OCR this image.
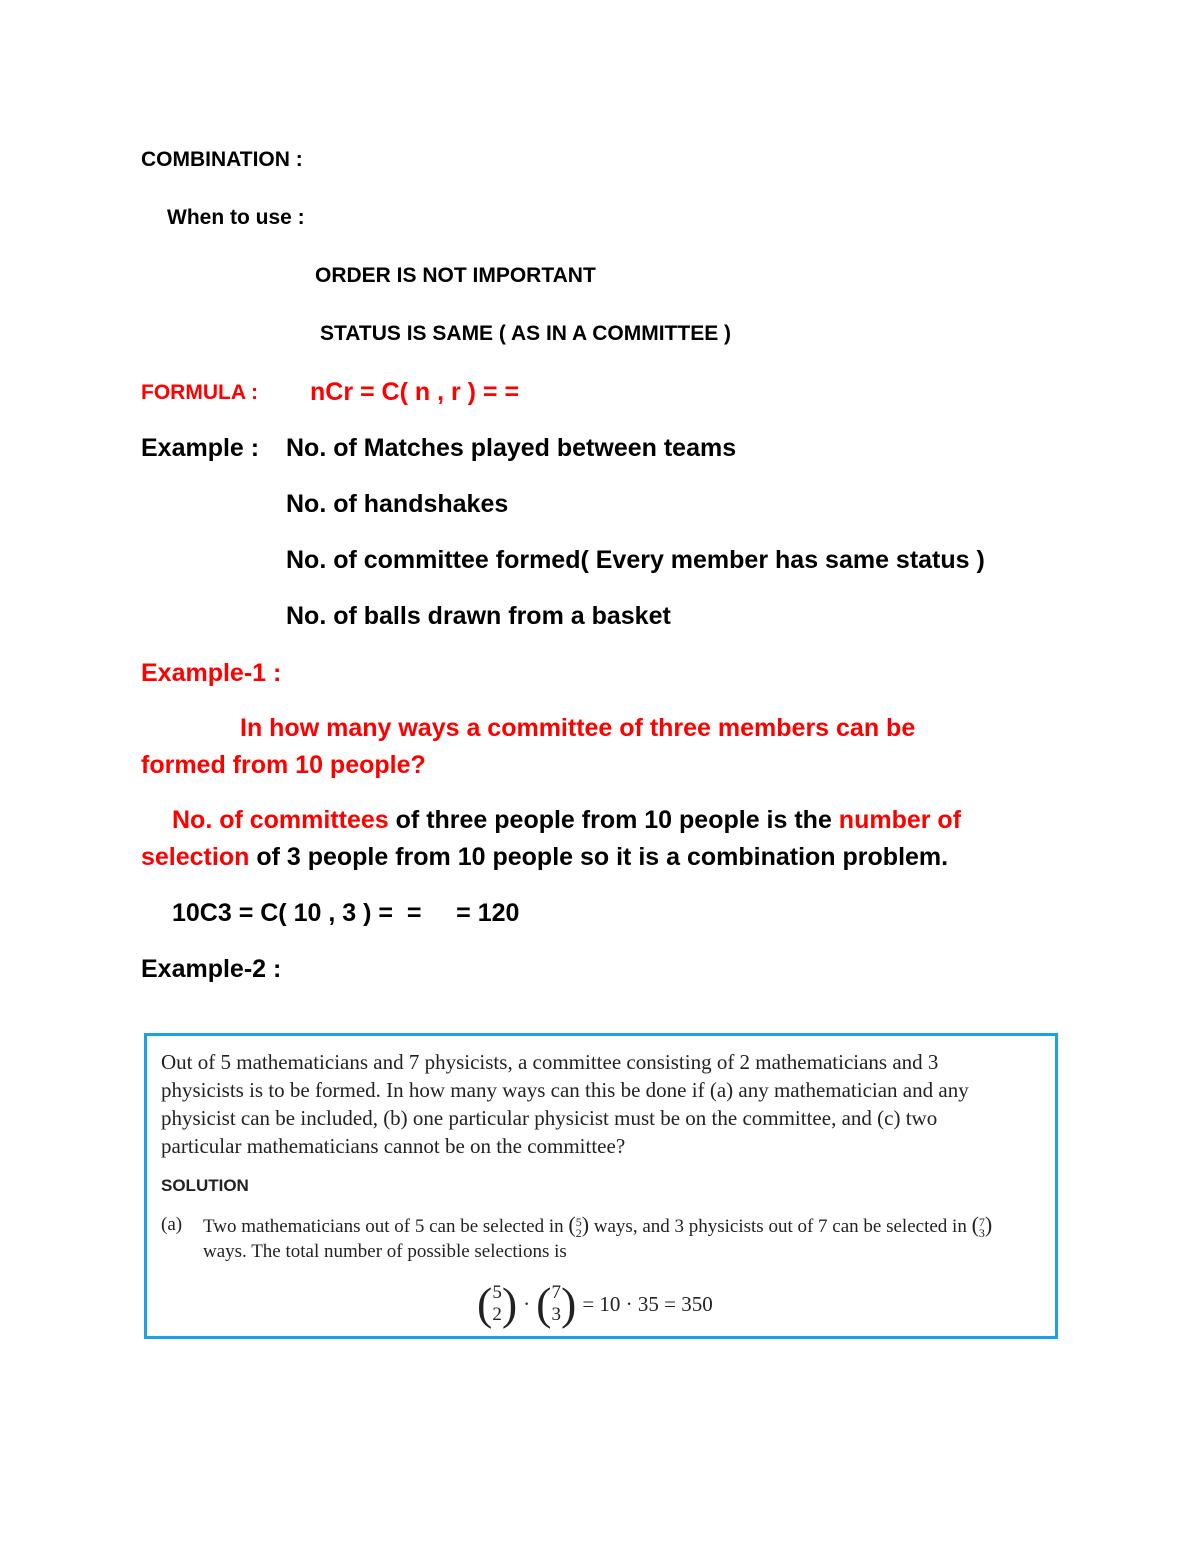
COMBINATION :
When to use :
ORDER IS NOT IMPORTANT
STATUS IS SAME ( AS IN A COMMITTEE )
FORMULA : nCr = C( n , r ) = =
Example : No. of Matches played between teams
No. of handshakes
No. of committee formed( Every member has same status )
No. of balls drawn from a basket
Example-1 :
In how many ways a committee of three members can be
formed from 10 people?
No. of committees of three people from 10 people is the number of
selection of 3 people from 10 people so it is a combination problem.
10C3 = C( 10 , 3 ) =  =     = 120
Example-2 :

Out of 5 mathematicians and 7 physicists, a committee consisting of 2 mathematicians and 3

physicists is to be formed. In how many ways can this be done if (a) any mathematician and any

physicist can be included, (b) one particular physicist must be on the committee, and (c) two

particular mathematicians cannot be on the committee?

SOLUTION
(a) Two mathematicians out of 5 can be selected in (5
2) ways, and 3 physicists out of 7 can be selected in (7
3)
ways. The total number of possible selections is
( 5
2 ) · ( 7
3 ) = 10 · 35 = 350
